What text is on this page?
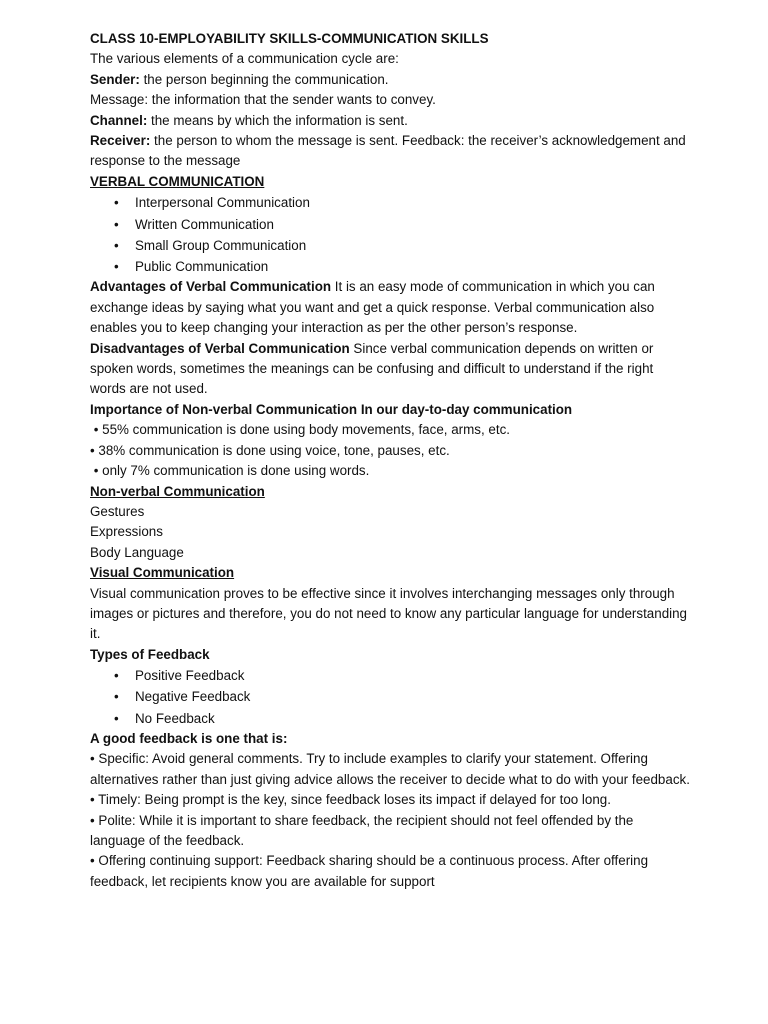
CLASS 10-EMPLOYABILITY SKILLS-COMMUNICATION SKILLS

The various elements of a communication cycle are:

Sender: the person beginning the communication.

Message: the information that the sender wants to convey.

Channel: the means by which the information is sent.

Receiver: the person to whom the message is sent. Feedback: the receiver’s acknowledgement and response to the message

VERBAL COMMUNICATION

• Interpersonal Communication
• Written Communication
• Small Group Communication
• Public Communication

Advantages of Verbal Communication It is an easy mode of communication in which you can exchange ideas by saying what you want and get a quick response. Verbal communication also enables you to keep changing your interaction as per the other person’s response.

Disadvantages of Verbal Communication Since verbal communication depends on written or spoken words, sometimes the meanings can be confusing and difficult to understand if the right words are not used.

Importance of Non-verbal Communication In our day-to-day communication

• 55% communication is done using body movements, face, arms, etc.

• 38% communication is done using voice, tone, pauses, etc.

• only 7% communication is done using words.

Non-verbal Communication

Gestures

Expressions

Body Language

Visual Communication

Visual communication proves to be effective since it involves interchanging messages only through images or pictures and therefore, you do not need to know any particular language for understanding it.

Types of Feedback

• Positive Feedback
• Negative Feedback
• No Feedback

A good feedback is one that is:

• Specific: Avoid general comments. Try to include examples to clarify your statement. Offering alternatives rather than just giving advice allows the receiver to decide what to do with your feedback.

• Timely: Being prompt is the key, since feedback loses its impact if delayed for too long.

• Polite: While it is important to share feedback, the recipient should not feel offended by the language of the feedback.

• Offering continuing support: Feedback sharing should be a continuous process. After offering feedback, let recipients know you are available for support
